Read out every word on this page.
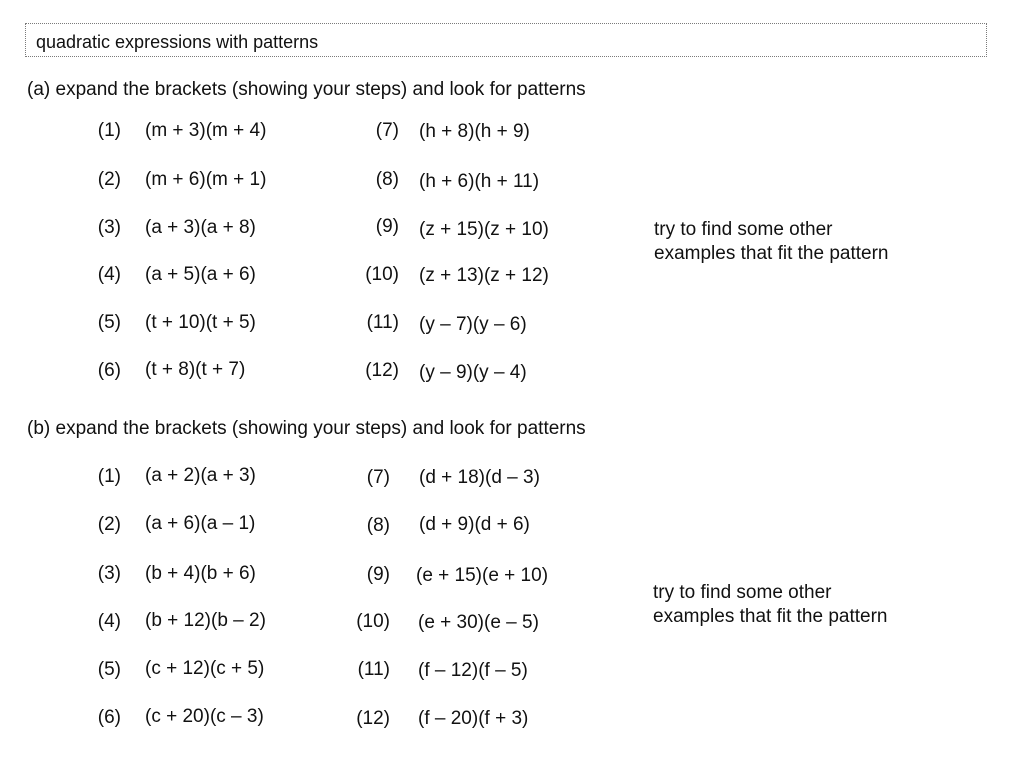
quadratic expressions with patterns
(a) expand the brackets (showing your steps) and look for patterns
(1) (m + 3)(m + 4)
(2) (m + 6)(m + 1)
(3) (a + 3)(a + 8)
(4) (a + 5)(a + 6)
(5) (t + 10)(t + 5)
(6) (t + 8)(t + 7)
(7) (h + 8)(h + 9)
(8) (h + 6)(h + 11)
(9) (z + 15)(z + 10)
(10) (z + 13)(z + 12)
(11) (y – 7)(y – 6)
(12) (y – 9)(y – 4)
try to find some other
examples that fit the pattern
(b) expand the brackets (showing your steps) and look for patterns
(1) (a + 2)(a + 3)
(2) (a + 6)(a – 1)
(3) (b + 4)(b + 6)
(4) (b + 12)(b – 2)
(5) (c + 12)(c + 5)
(6) (c + 20)(c – 3)
(7) (d + 18)(d – 3)
(8) (d + 9)(d + 6)
(9) (e + 15)(e + 10)
(10) (e + 30)(e – 5)
(11) (f – 12)(f – 5)
(12) (f – 20)(f + 3)
try to find some other
examples that fit the pattern
